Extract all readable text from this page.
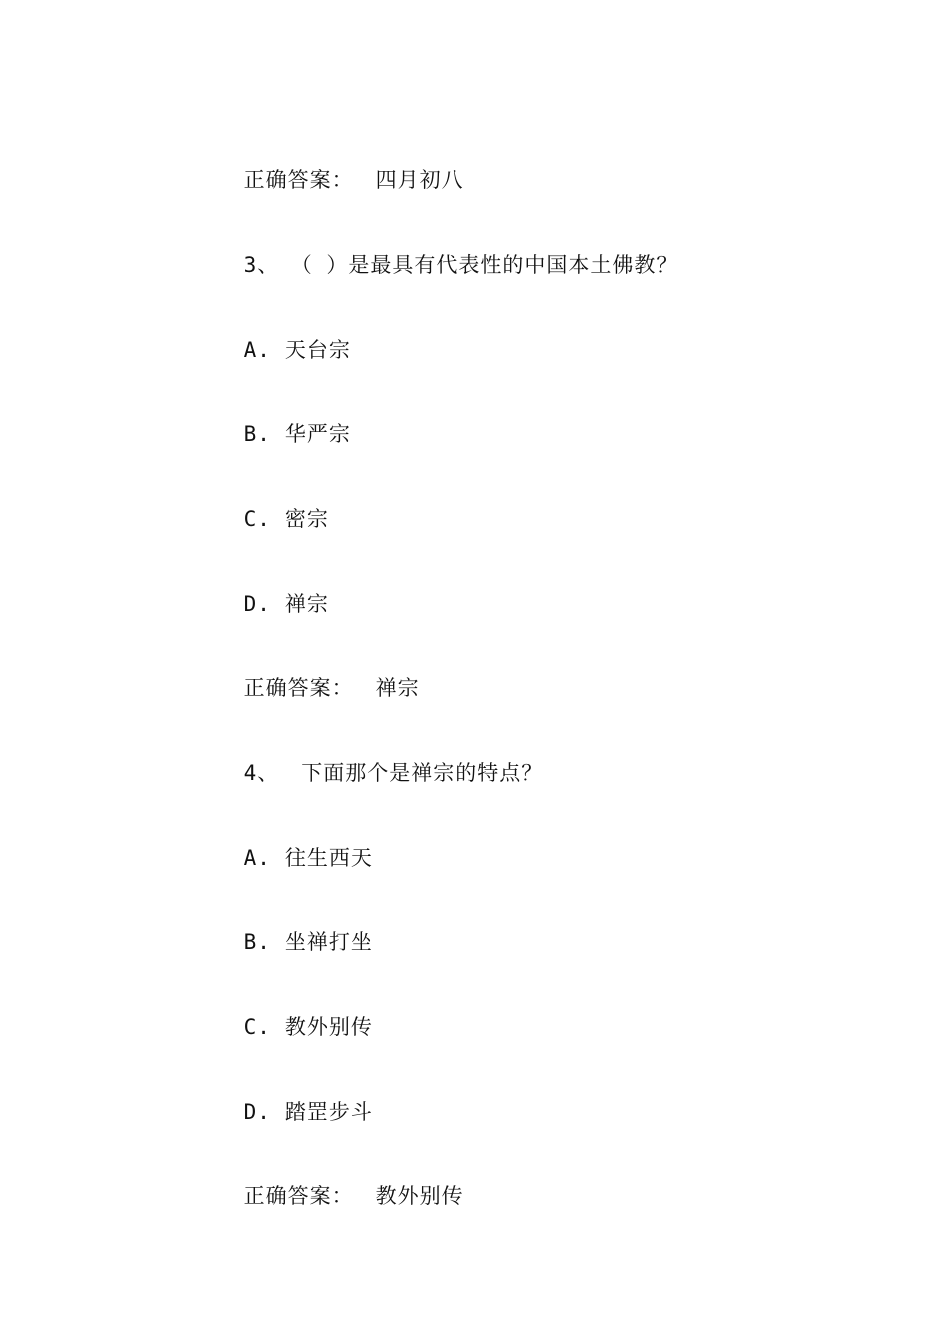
正确答案： 四月初八

3、 （ ）是最具有代表性的中国本土佛教？

A. 天台宗

B. 华严宗

C. 密宗

D. 禅宗

正确答案： 禅宗

4、 下面那个是禅宗的特点？

A. 往生西天

B. 坐禅打坐

C. 教外别传

D. 踏罡步斗

正确答案： 教外别传
